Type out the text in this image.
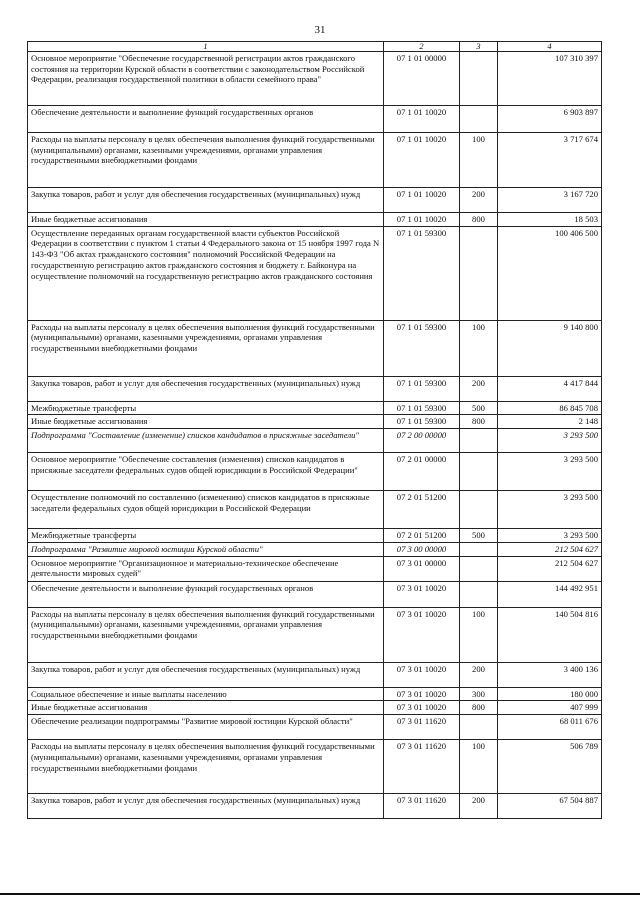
31
1	2	3	4
Основное мероприятие "Обеспечение государственной регистрации актов гражданского состояния на территории Курской области в соответствии с законодательством Российской Федерации, реализация государственной политики в области семейного права"	07 1 01 00000		107 310 397
Обеспечение деятельности и выполнение функций государственных органов	07 1 01 10020		6 903 897
Расходы на выплаты персоналу в целях обеспечения выполнения функций государственными (муниципальными) органами, казенными учреждениями, органами управления государственными внебюджетными фондами	07 1 01 10020	100	3 717 674
Закупка товаров, работ и услуг для обеспечения государственных (муниципальных) нужд	07 1 01 10020	200	3 167 720
Иные бюджетные ассигнования	07 1 01 10020	800	18 503
Осуществление переданных органам государственной власти субъектов Российской Федерации в соответствии с пунктом 1 статьи 4 Федерального закона от 15 ноября 1997 года N 143-ФЗ "Об актах гражданского состояния" полномочий Российской Федерации на государственную регистрацию актов гражданского состояния и бюджету г. Байконура на осуществление полномочий на государственную регистрацию актов гражданского состояния	07 1 01 59300		100 406 500
Расходы на выплаты персоналу в целях обеспечения выполнения функций государственными (муниципальными) органами, казенными учреждениями, органами управления государственными внебюджетными фондами	07 1 01 59300	100	9 140 800
Закупка товаров, работ и услуг для обеспечения государственных (муниципальных) нужд	07 1 01 59300	200	4 417 844
Межбюджетные трансферты	07 1 01 59300	500	86 845 708
Иные бюджетные ассигнования	07 1 01 59300	800	2 148
Подпрограмма "Составление (изменение) списков кандидатов в присяжные заседатели"	07 2 00 00000		3 293 500
Основное мероприятие "Обеспечение составления (изменения) списков кандидатов в присяжные заседатели федеральных судов общей юрисдикции в Российской Федерации"	07 2 01 00000		3 293 500
Осуществление полномочий по составлению (изменению) списков кандидатов в присяжные заседатели федеральных судов общей юрисдикции в Российской Федерации	07 2 01 51200		3 293 500
Межбюджетные трансферты	07 2 01 51200	500	3 293 500
Подпрограмма "Развитие мировой юстиции Курской области"	07 3 00 00000		212 504 627
Основное мероприятие "Организационное и материально-техническое обеспечение деятельности мировых судей"	07 3 01 00000		212 504 627
Обеспечение деятельности и выполнение функций государственных органов	07 3 01 10020		144 492 951
Расходы на выплаты персоналу в целях обеспечения выполнения функций государственными (муниципальными) органами, казенными учреждениями, органами управления государственными внебюджетными фондами	07 3 01 10020	100	140 504 816
Закупка товаров, работ и услуг для обеспечения государственных (муниципальных) нужд	07 3 01 10020	200	3 400 136
Социальное обеспечение и иные выплаты населению	07 3 01 10020	300	180 000
Иные бюджетные ассигнования	07 3 01 10020	800	407 999
Обеспечение реализации подпрограммы "Развитие мировой юстиции Курской области"	07 3 01 11620		68 011 676
Расходы на выплаты персоналу в целях обеспечения выполнения функций государственными (муниципальными) органами, казенными учреждениями, органами управления государственными внебюджетными фондами	07 3 01 11620	100	506 789
Закупка товаров, работ и услуг для обеспечения государственных (муниципальных) нужд	07 3 01 11620	200	67 504 887
